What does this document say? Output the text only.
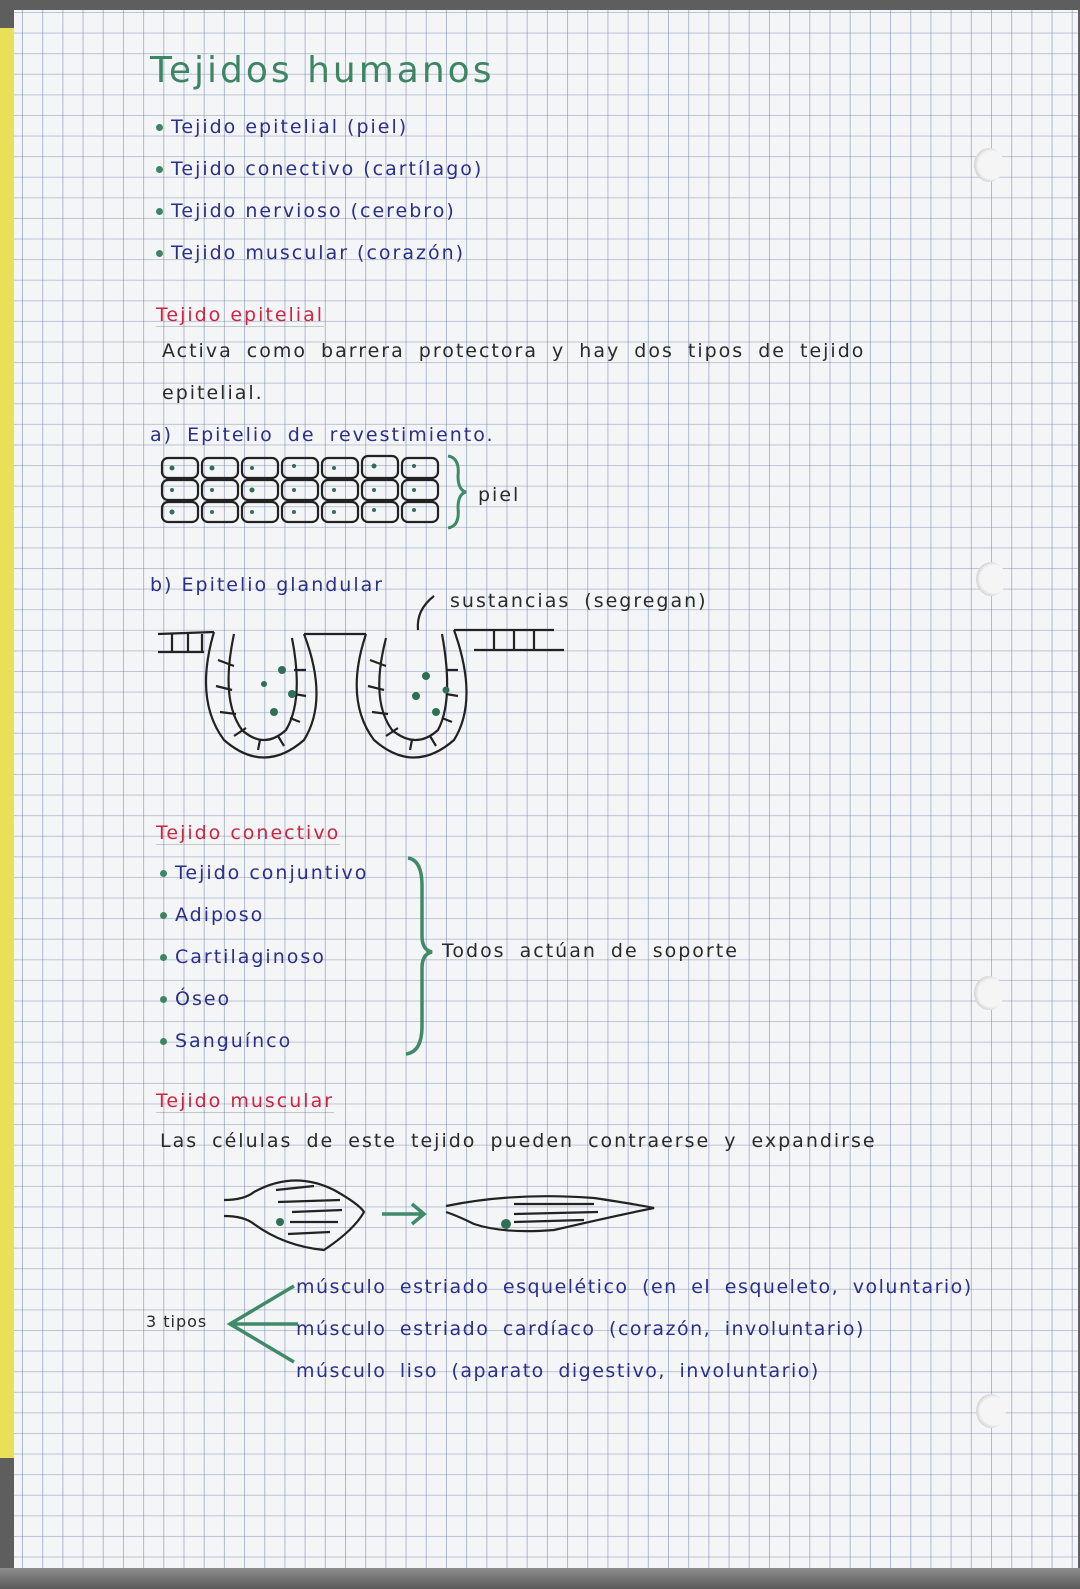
Tejidos humanos
Tejido epitelial (piel)
Tejido conectivo (cartílago)
Tejido nervioso (cerebro)
Tejido muscular (corazón)
Tejido epitelial
Activa como barrera protectora y hay dos tipos de tejido
epitelial.
a) Epitelio de revestimiento.
piel
b) Epitelio glandular
sustancias (segregan)
Tejido conectivo
Tejido conjuntivo
Adiposo
Cartilaginoso
Óseo
Sanguínco
Todos actúan de soporte
Tejido muscular
Las células de este tejido pueden contraerse y expandirse
3 tipos
músculo estriado esquelético (en el esqueleto, voluntario)
músculo estriado cardíaco (corazón, involuntario)
músculo liso (aparato digestivo, involuntario)
